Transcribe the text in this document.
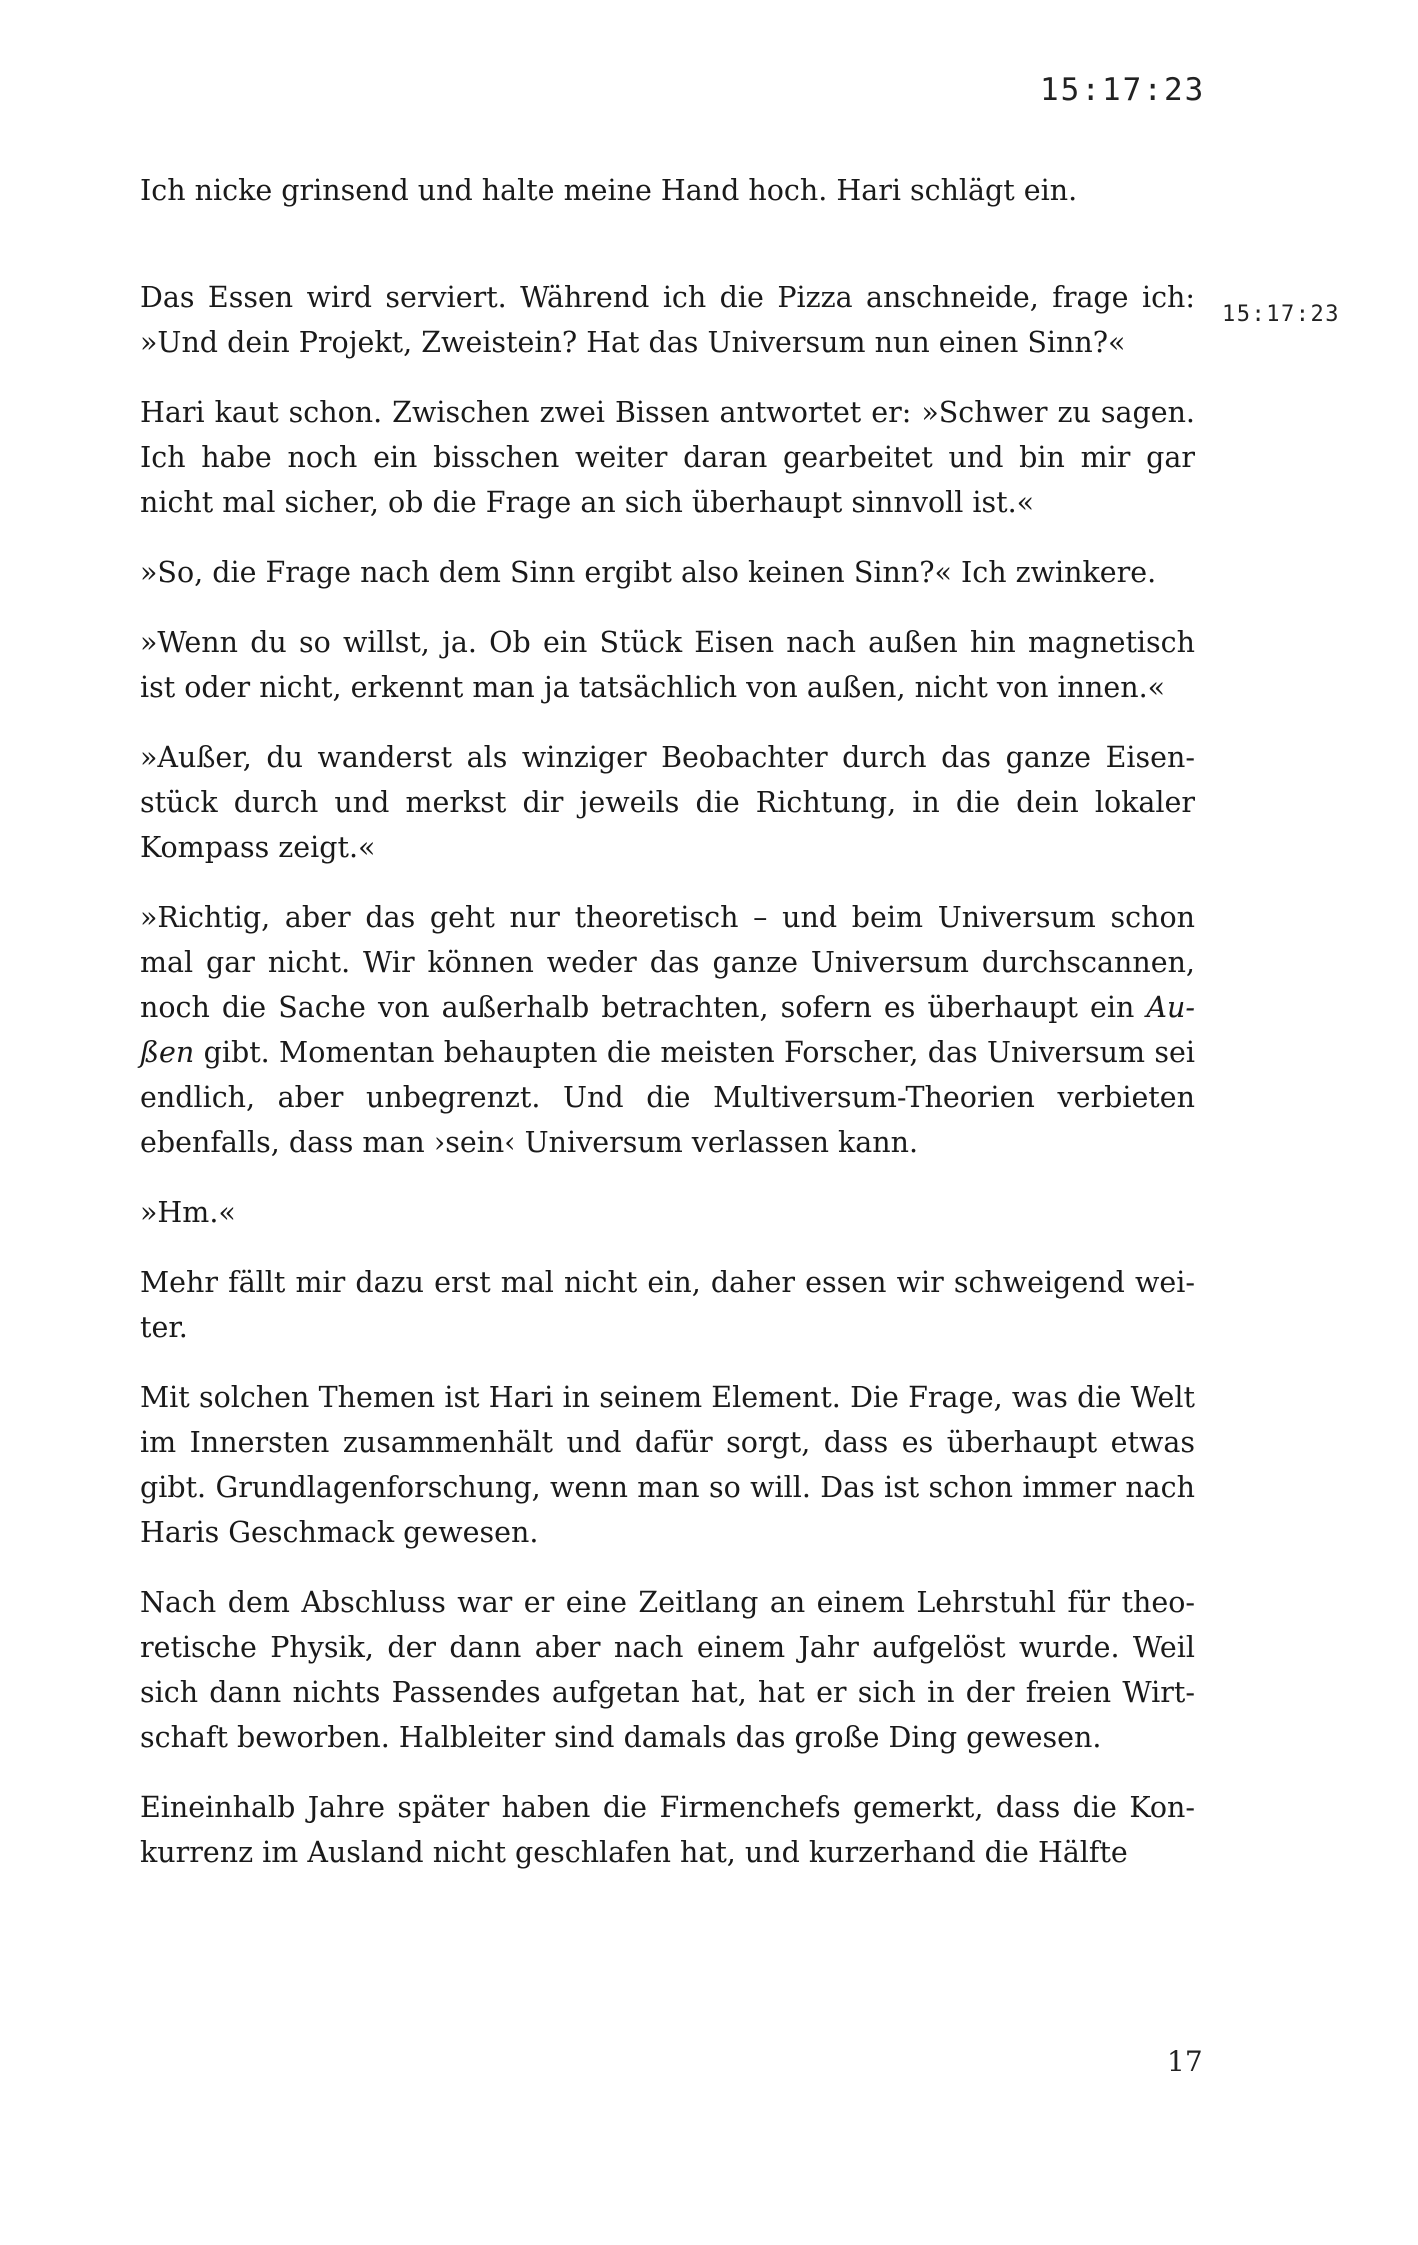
15:17:23
15:17:23

Ich nicke grinsend und halte meine Hand hoch. Hari schlägt ein.

Das Essen wird serviert. Während ich die Pizza anschneide, frage ich: »Und dein Projekt, Zweistein? Hat das Universum nun einen Sinn?«

Hari kaut schon. Zwischen zwei Bissen antwortet er: »Schwer zu sagen. Ich habe noch ein bisschen weiter daran gearbeitet und bin mir gar nicht mal sicher, ob die Frage an sich überhaupt sinnvoll ist.«

»So, die Frage nach dem Sinn ergibt also keinen Sinn?« Ich zwinkere.

»Wenn du so willst, ja. Ob ein Stück Eisen nach außen hin magnetisch ist oder nicht, erkennt man ja tatsächlich von außen, nicht von innen.«

»Außer, du wanderst als winziger Beobachter durch das ganze Eisenstück durch und merkst dir jeweils die Richtung, in die dein lokaler Kompass zeigt.«

»Richtig, aber das geht nur theoretisch – und beim Universum schon mal gar nicht. Wir können weder das ganze Universum durchscannen, noch die Sache von außerhalb betrachten, sofern es überhaupt ein Außen gibt. Momentan behaupten die meisten Forscher, das Universum sei endlich, aber unbegrenzt. Und die Multiversum-Theorien verbieten ebenfalls, dass man ›sein‹ Universum verlassen kann.

»Hm.«

Mehr fällt mir dazu erst mal nicht ein, daher essen wir schweigend weiter.

Mit solchen Themen ist Hari in seinem Element. Die Frage, was die Welt im Innersten zusammenhält und dafür sorgt, dass es überhaupt etwas gibt. Grundlagenforschung, wenn man so will. Das ist schon immer nach Haris Geschmack gewesen.

Nach dem Abschluss war er eine Zeitlang an einem Lehrstuhl für theoretische Physik, der dann aber nach einem Jahr aufgelöst wurde. Weil sich dann nichts Passendes aufgetan hat, hat er sich in der freien Wirtschaft beworben. Halbleiter sind damals das große Ding gewesen.

Eineinhalb Jahre später haben die Firmenchefs gemerkt, dass die Konkurrenz im Ausland nicht geschlafen hat, und kurzerhand die Hälfte

17
